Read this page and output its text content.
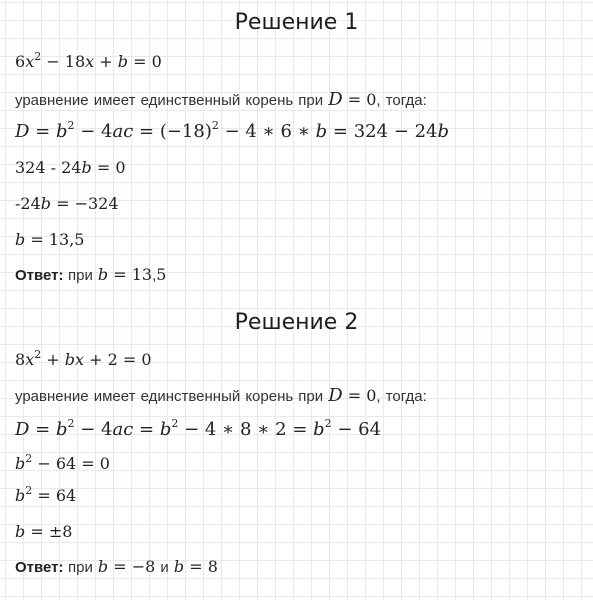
Решение 1
$6x^2 - 18x + b = 0$
уравнение имеет единственный корень при D = 0, тогда:
$D = b^2 - 4ac = (-18)^2 - 4$ ∗ 6 ∗ b = 324 − 24b
324 - 24b = 0
-24b = −324
b = 13,5
Ответ: при b = 13,5
Решение 2
$8x^2$ + bx + 2 = 0
уравнение имеет единственный корень при D = 0, тогда:
$D = b^2 - 4ac = b^2 - 4$ ∗ 8 ∗ $2 = b^2 - 64$
$b^2 - 64 = 0$
$b^2 = 64$
b = ±8
Ответ: при b = −8 и b = 8
